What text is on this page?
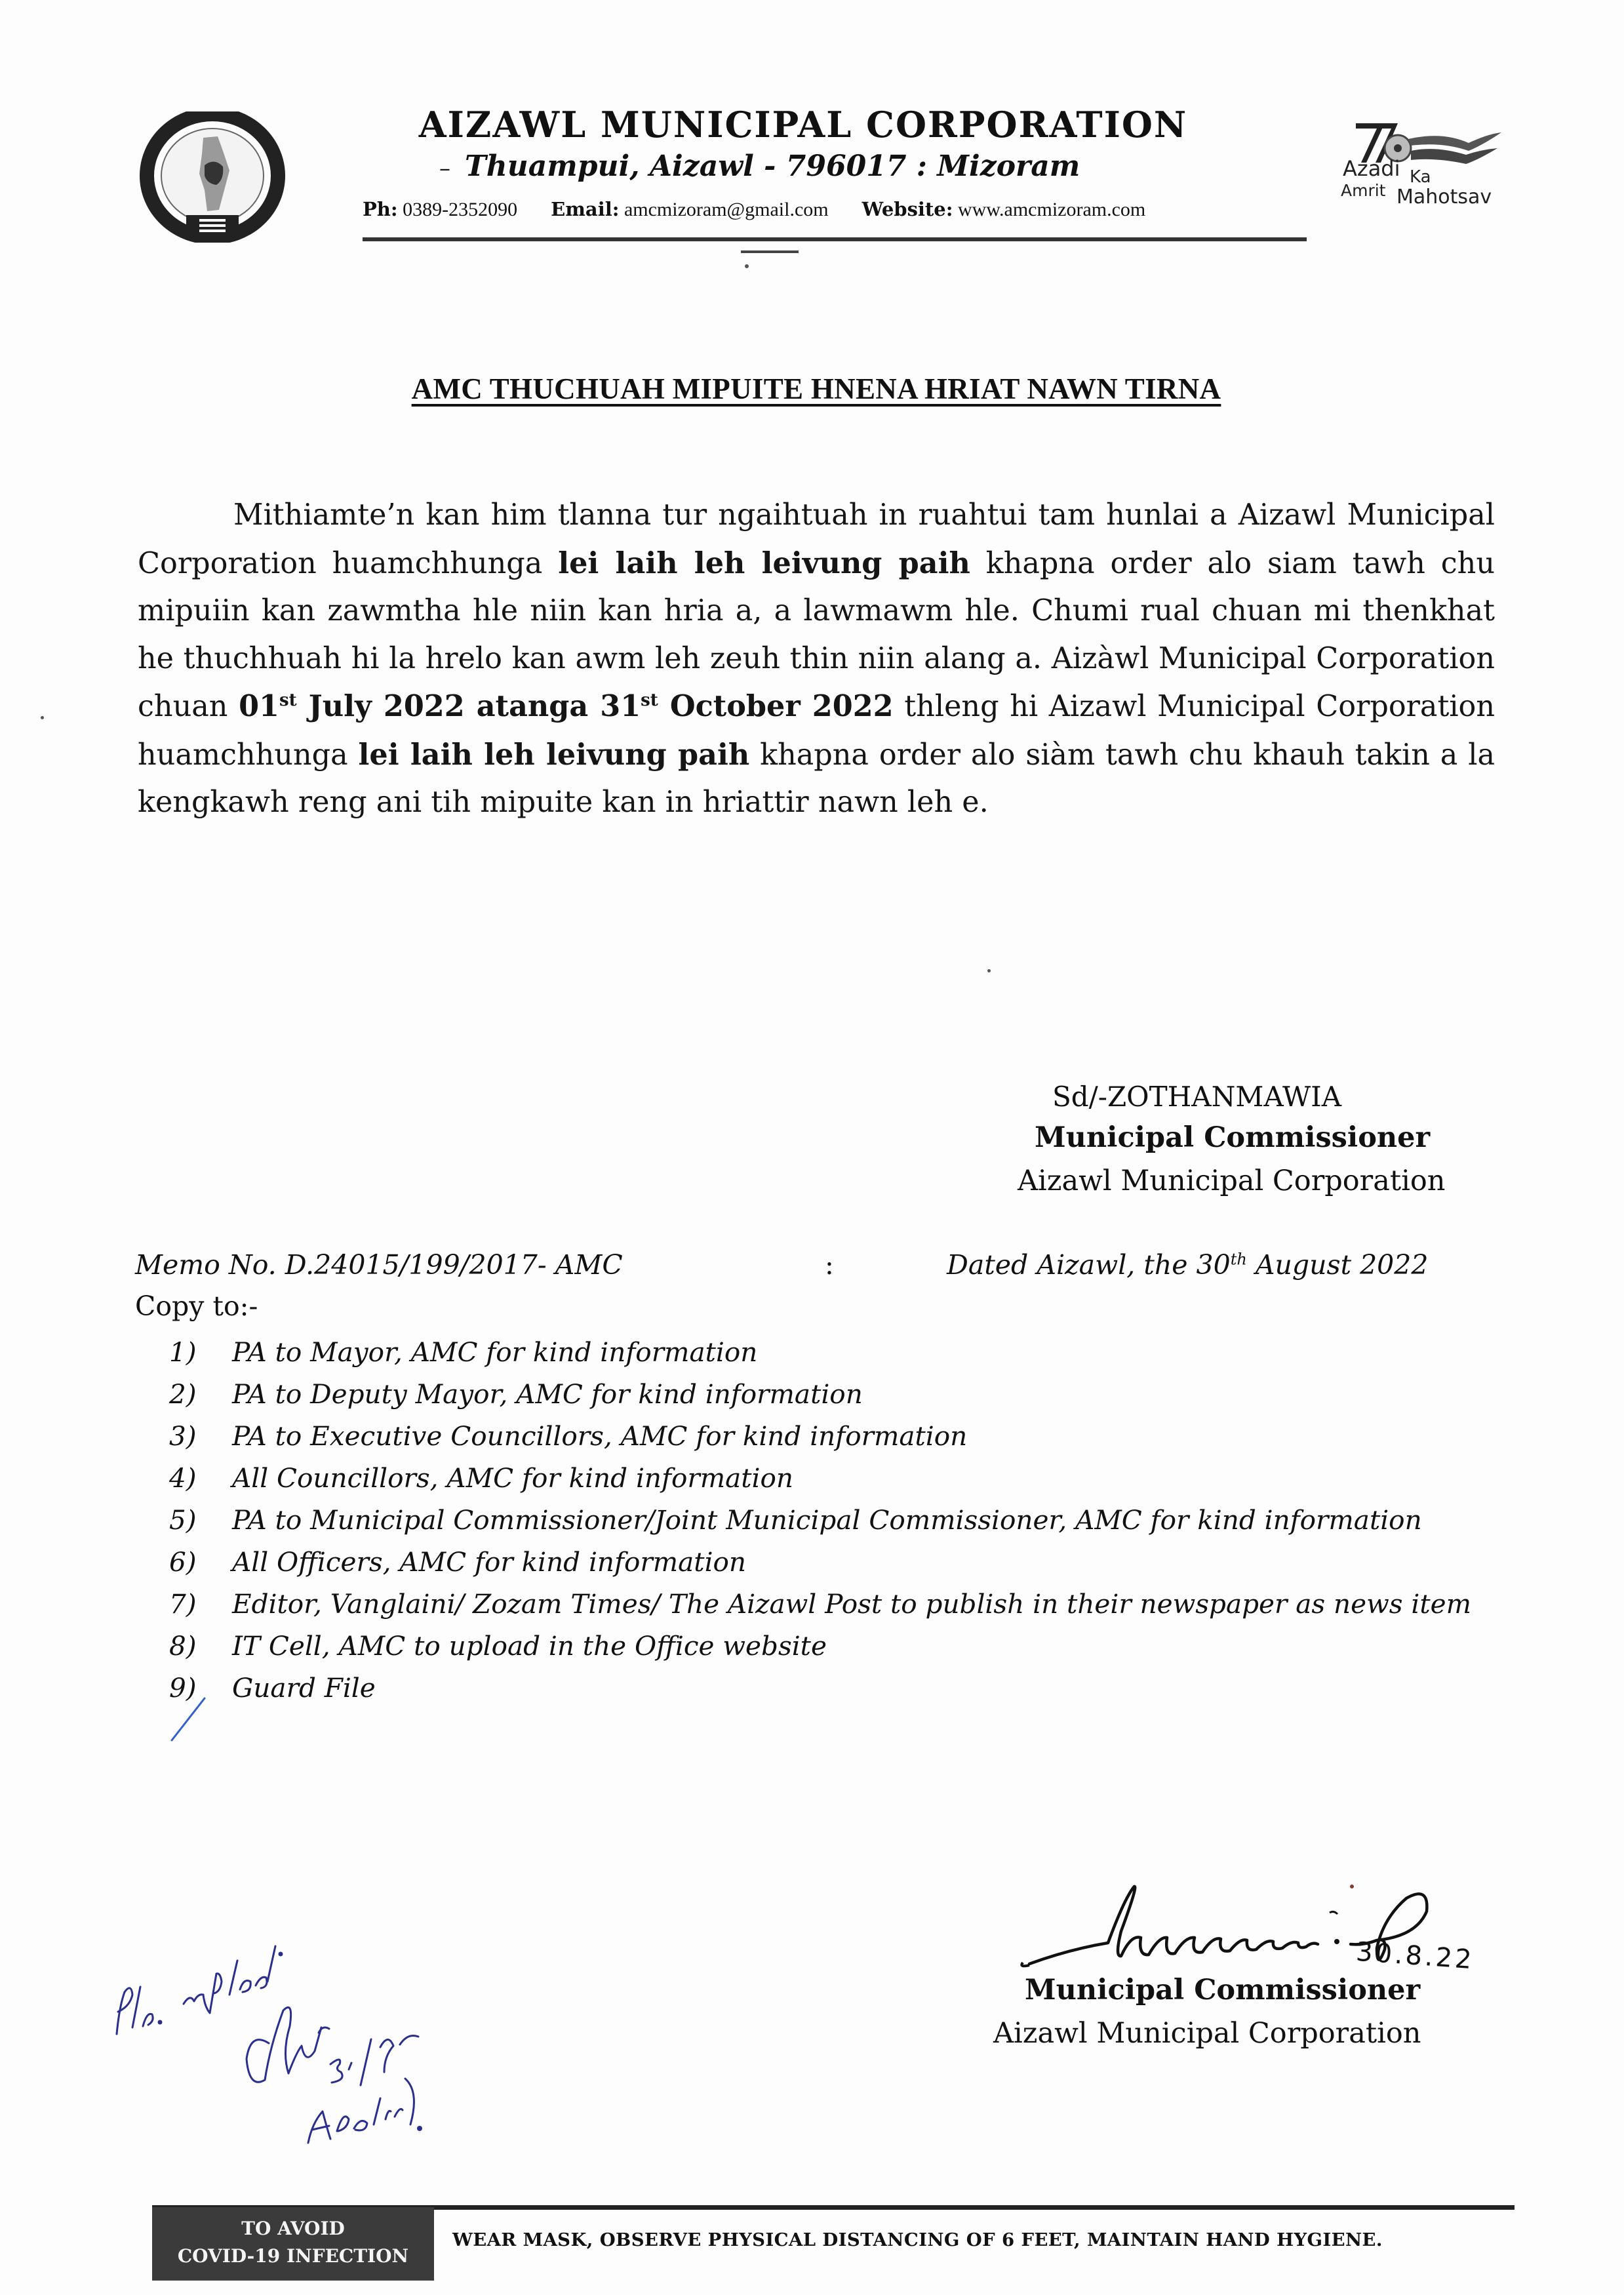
AIZAWL MUNICIPAL CORPORATION
– Thuampui, Aizawl - 796017 : Mizoram
Ph: 0389-2352090 Email: amcmizoram@gmail.com Website: www.amcmizoram.com
Azadi Ka
Amrit Mahotsav
AMC THUCHUAH MIPUITE HNENA HRIAT NAWN TIRNA

Mithiamte’n kan him tlanna tur ngaihtuah in ruahtui tam hunlai a Aizawl Municipal Corporation huamchhunga lei laih leh leivung paih khapna order alo siam tawh chu mipuiin kan zawmtha hle niin kan hria a, a lawmawm hle. Chumi rual chuan mi thenkhat he thuchhuah hi la hrelo kan awm leh zeuh thin niin alang a. Aizàwl Municipal Corporation chuan 01st July 2022 atanga 31st October 2022 thleng hi Aizawl Municipal Corporation huamchhunga lei laih leh leivung paih khapna order alo siàm tawh chu khauh takin a la kengkawh reng ani tih mipuite kan in hriattir nawn leh e.

Sd/-ZOTHANMAWIA
Municipal Commissioner
Aizawl Municipal Corporation
Memo No. D.24015/199/2017- AMC	:	Dated Aizawl, the 30th August 2022
Copy to:-
1)	PA to Mayor, AMC for kind information
2)	PA to Deputy Mayor, AMC for kind information
3)	PA to Executive Councillors, AMC for kind information
4)	All Councillors, AMC for kind information
5)	PA to Municipal Commissioner/Joint Municipal Commissioner, AMC for kind information
6)	All Officers, AMC for kind information
7)	Editor, Vanglaini/ Zozam Times/ The Aizawl Post to publish in their newspaper as news item
8)	IT Cell, AMC to upload in the Office website
9)	Guard File
30.8.22
Municipal Commissioner
Aizawl Municipal Corporation
TO AVOID
COVID-19 INFECTION
WEAR MASK, OBSERVE PHYSICAL DISTANCING OF 6 FEET, MAINTAIN HAND HYGIENE.
